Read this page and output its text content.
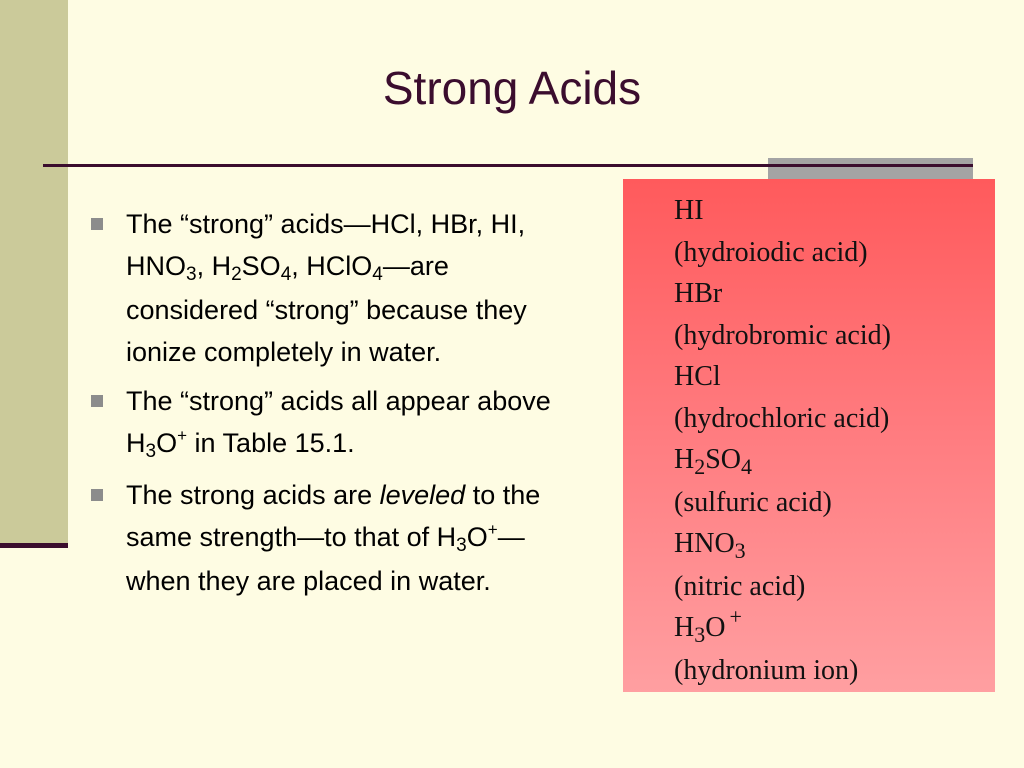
Strong Acids
The “strong” acids—HCl, HBr, HI, HNO3, H2SO4, HClO4—are considered “strong” because they ionize completely in water.
The “strong” acids all appear above H3O+ in Table 15.1.
The strong acids are leveled to the same strength—to that of H3O+—when they are placed in water.
HI
(hydroiodic acid)
HBr
(hydrobromic acid)
HCl
(hydrochloric acid)
$H_2SO_4$
(sulfuric acid)
$HNO_3$
(nitric acid)
$H_3O$ +
(hydronium ion)
